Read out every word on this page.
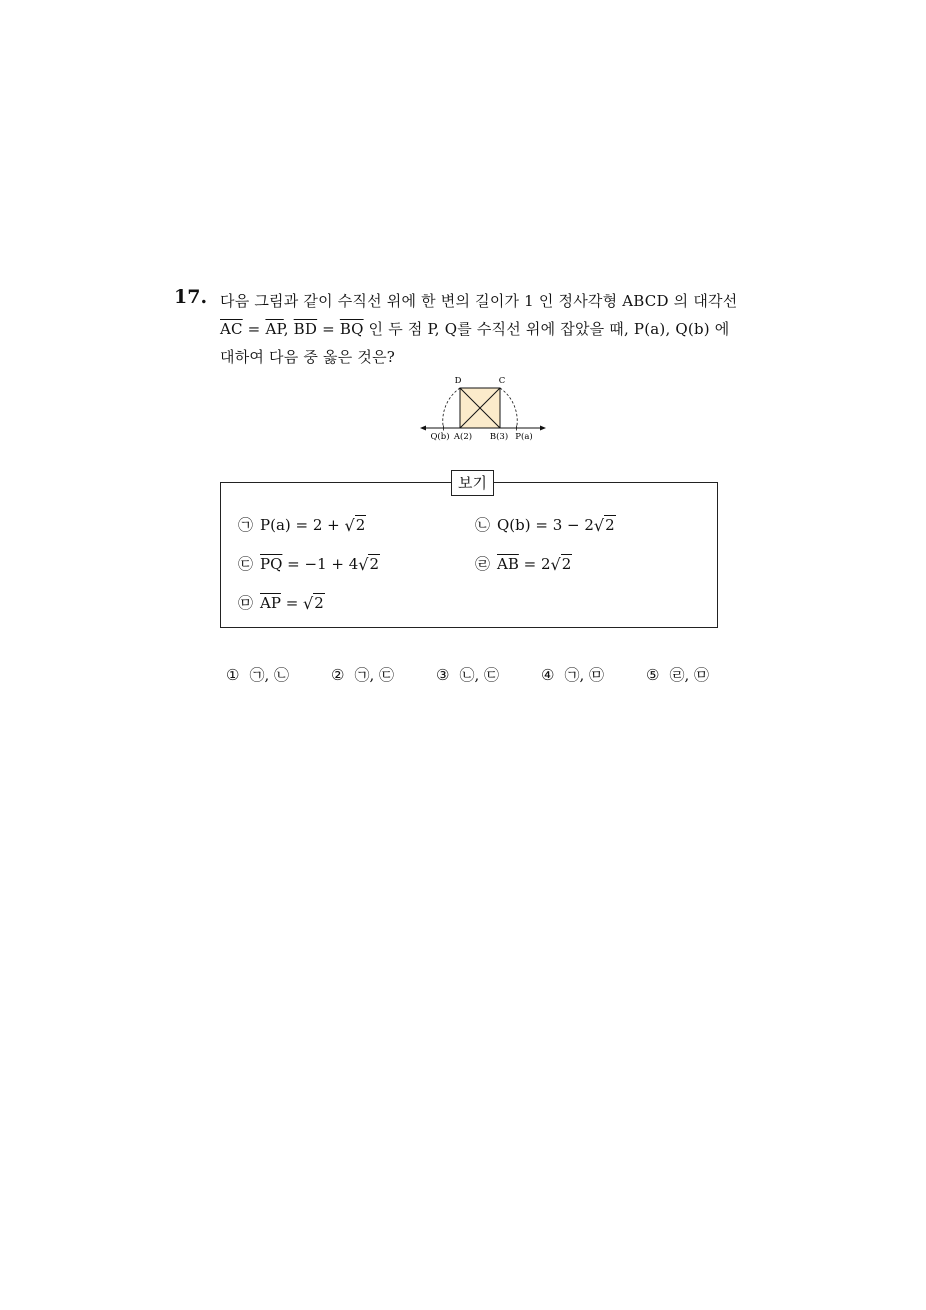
17. 다음 그림과 같이 수직선 위에 한 변의 길이가 1 인 정사각형 ABCD 의 대각선
$\overline{AC} = \overline{AP}$, $\overline{BD} = \overline{BQ}$ 인 두 점 P, Q를 수직선 위에 잡았을 때, P(a), Q(b) 에
대하여 다음 중 옳은 것은?
D	C
Q(b) A(2) B(3) P(a)
보기
㉠ P(a) = 2 + √2	㉡ Q(b) = 3 − 2√2
㉢ $\overline{PQ} = -1 + 4√2$	㉣ $\overline{AB} = 2√2$
㉤ $\overline{AP} = √2$
① ㉠, ㉡	② ㉠, ㉢	③ ㉡, ㉢	④ ㉠, ㉤	⑤ ㉣, ㉤
